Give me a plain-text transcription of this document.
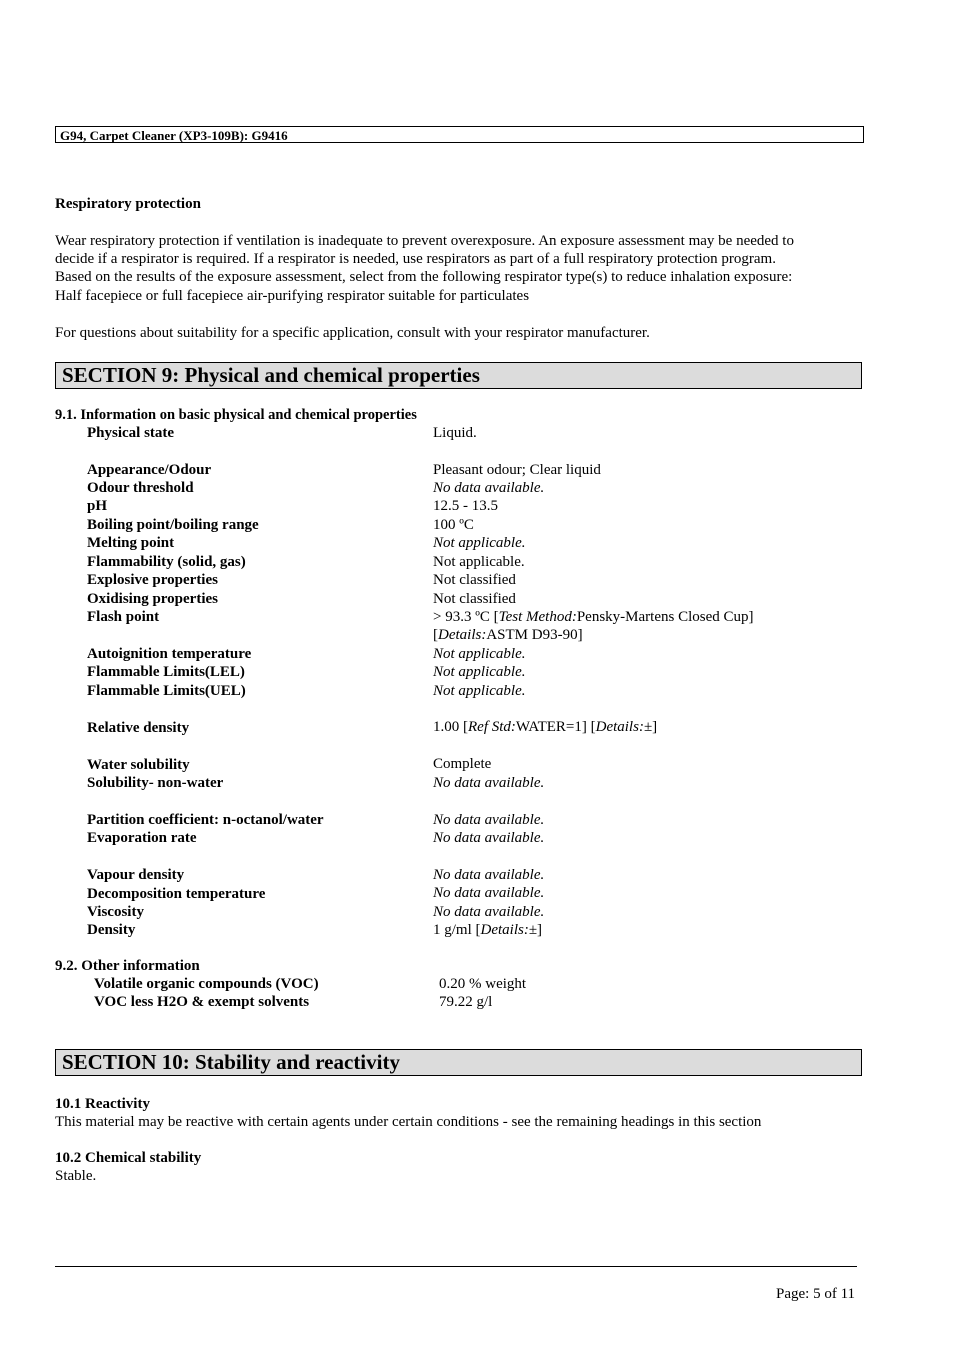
G94, Carpet Cleaner (XP3-109B): G9416
Respiratory protection
Wear respiratory protection if ventilation is inadequate to prevent overexposure. An exposure assessment may be needed to
decide if a respirator is required. If a respirator is needed, use respirators as part of a full respiratory protection program.
Based on the results of the exposure assessment, select from the following respirator type(s) to reduce inhalation exposure:
Half facepiece or full facepiece air-purifying respirator suitable for particulates
For questions about suitability for a specific application, consult with your respirator manufacturer.
SECTION 9: Physical and chemical properties
9.1. Information on basic physical and chemical properties
Physical state	Liquid.
Appearance/Odour	Pleasant odour; Clear liquid
Odour threshold	No data available.
pH	12.5 - 13.5
Boiling point/boiling range	100 ºC
Melting point	Not applicable.
Flammability (solid, gas)	Not applicable.
Explosive properties	Not classified
Oxidising properties	Not classified
Flash point	> 93.3 ºC [Test Method:Pensky-Martens Closed Cup]
[Details:ASTM D93-90]
Autoignition temperature	Not applicable.
Flammable Limits(LEL)	Not applicable.
Flammable Limits(UEL)	Not applicable.
Relative density	1.00 [Ref Std:WATER=1] [Details:±]
Water solubility	Complete
Solubility- non-water	No data available.
Partition coefficient: n-octanol/water	No data available.
Evaporation rate	No data available.
Vapour density	No data available.
Decomposition temperature	No data available.
Viscosity	No data available.
Density	1 g/ml [Details:±]
9.2. Other information
Volatile organic compounds (VOC)	0.20 % weight
VOC less H2O & exempt solvents	79.22 g/l
SECTION 10: Stability and reactivity
10.1 Reactivity
This material may be reactive with certain agents under certain conditions - see the remaining headings in this section
10.2 Chemical stability
Stable.
Page: 5 of 11
